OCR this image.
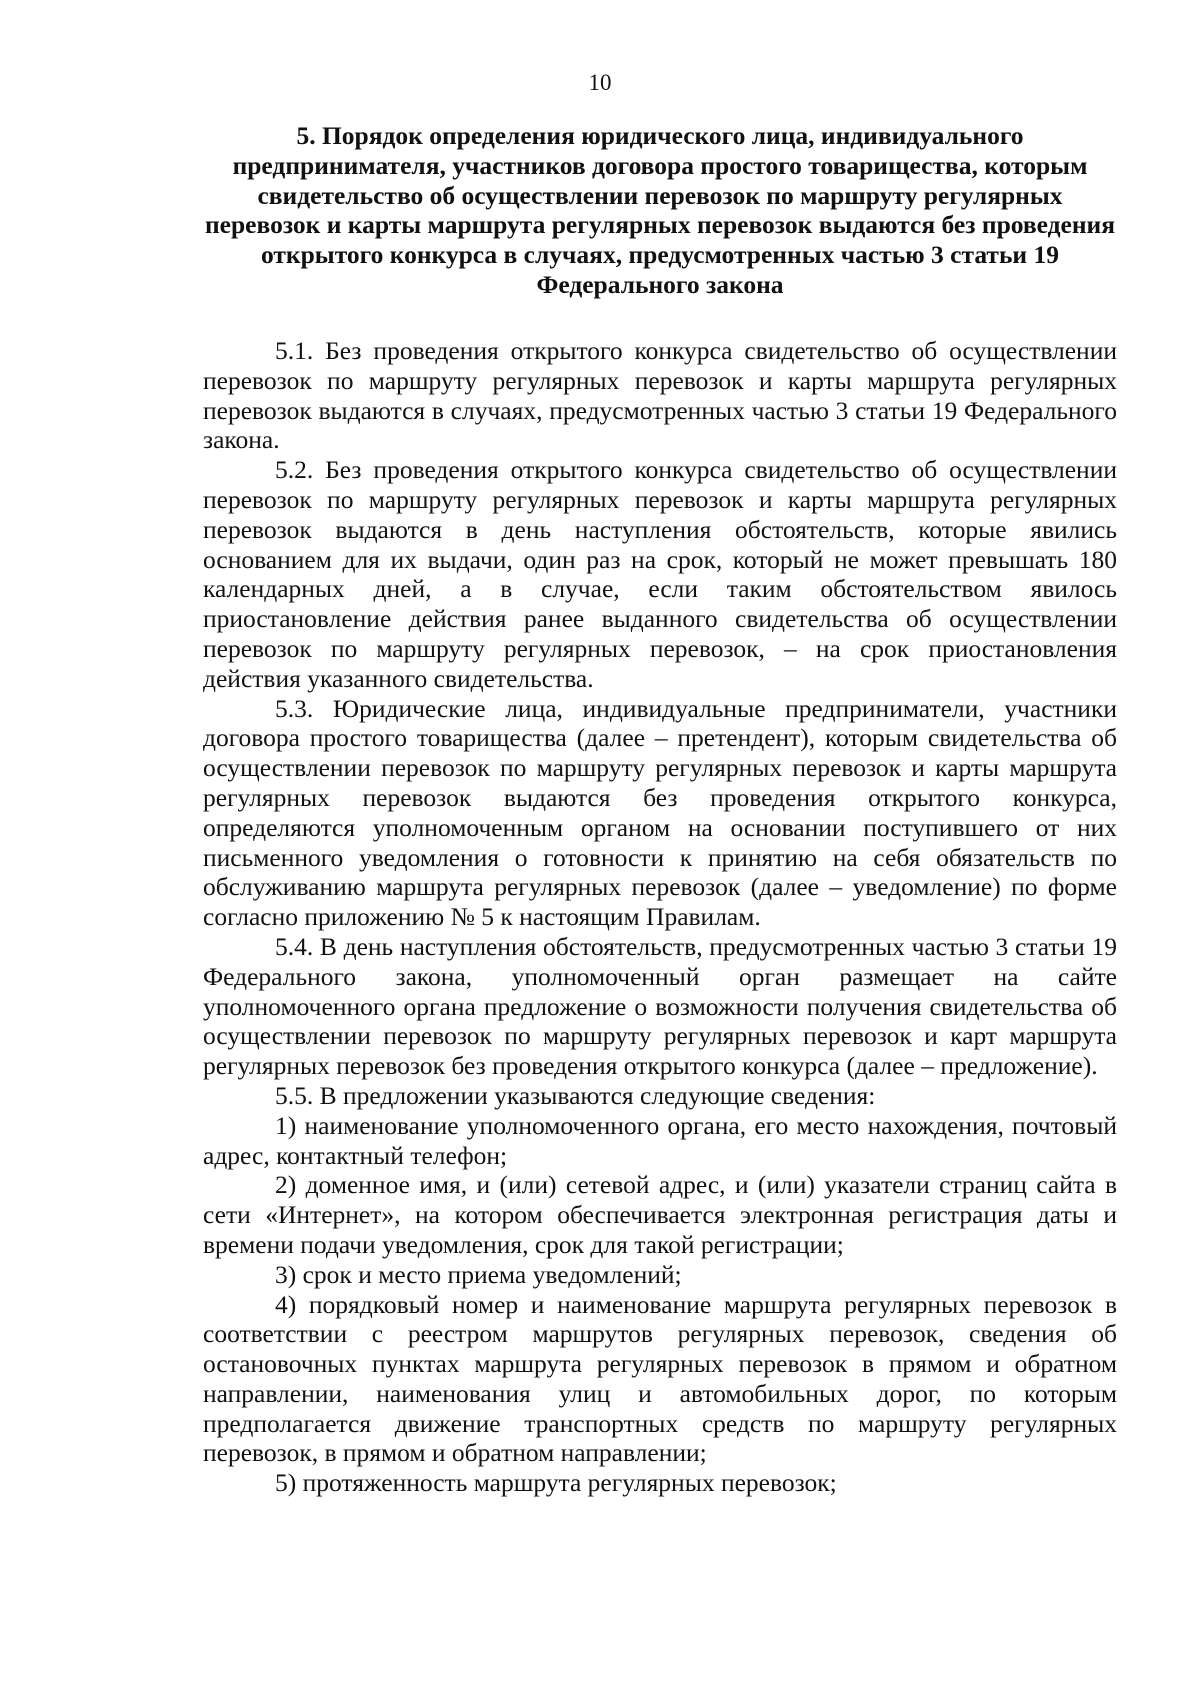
10
5. Порядок определения юридического лица, индивидуального предпринимателя, участников договора простого товарищества, которым свидетельство об осуществлении перевозок по маршруту регулярных перевозок и карты маршрута регулярных перевозок выдаются без проведения открытого конкурса в случаях, предусмотренных частью 3 статьи 19 Федерального закона

5.1. Без проведения открытого конкурса свидетельство об осуществлении перевозок по маршруту регулярных перевозок и карты маршрута регулярных перевозок выдаются в случаях, предусмотренных частью 3 статьи 19 Федерального закона.

5.2. Без проведения открытого конкурса свидетельство об осуществлении перевозок по маршруту регулярных перевозок и карты маршрута регулярных перевозок выдаются в день наступления обстоятельств, которые явились основанием для их выдачи, один раз на срок, который не может превышать 180 календарных дней, а в случае, если таким обстоятельством явилось приостановление действия ранее выданного свидетельства об осуществлении перевозок по маршруту регулярных перевозок, – на срок приостановления действия указанного свидетельства.

5.3. Юридические лица, индивидуальные предприниматели, участники договора простого товарищества (далее – претендент), которым свидетельства об осуществлении перевозок по маршруту регулярных перевозок и карты маршрута регулярных перевозок выдаются без проведения открытого конкурса, определяются уполномоченным органом на основании поступившего от них письменного уведомления о готовности к принятию на себя обязательств по обслуживанию маршрута регулярных перевозок (далее – уведомление) по форме согласно приложению № 5 к настоящим Правилам.

5.4. В день наступления обстоятельств, предусмотренных частью 3 статьи 19 Федерального закона, уполномоченный орган размещает на сайте уполномоченного органа предложение о возможности получения свидетельства об осуществлении перевозок по маршруту регулярных перевозок и карт маршрута регулярных перевозок без проведения открытого конкурса (далее – предложение).

5.5. В предложении указываются следующие сведения:

1) наименование уполномоченного органа, его место нахождения, почтовый адрес, контактный телефон;

2) доменное имя, и (или) сетевой адрес, и (или) указатели страниц сайта в сети «Интернет», на котором обеспечивается электронная регистрация даты и времени подачи уведомления, срок для такой регистрации;

3) срок и место приема уведомлений;

4) порядковый номер и наименование маршрута регулярных перевозок в соответствии с реестром маршрутов регулярных перевозок, сведения об остановочных пунктах маршрута регулярных перевозок в прямом и обратном направлении, наименования улиц и автомобильных дорог, по которым предполагается движение транспортных средств по маршруту регулярных перевозок, в прямом и обратном направлении;

5) протяженность маршрута регулярных перевозок;
